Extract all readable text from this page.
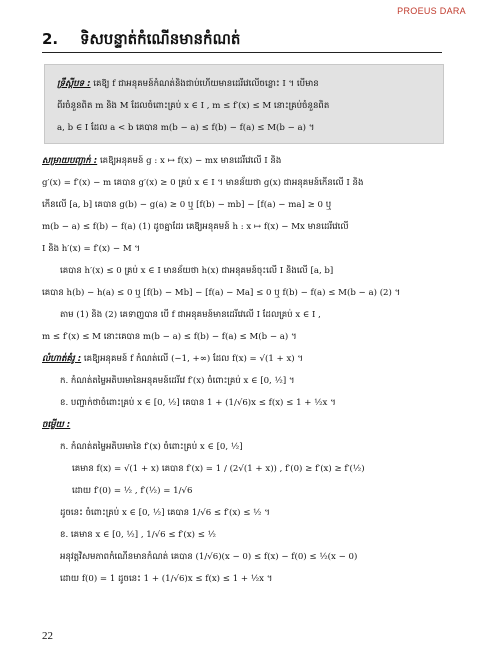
PROEUS DARA
2. ទិសបន្ទាត់កំណើនមានកំណត់
ទ្រឹស្តីបទ : គេឱ្យ f ជាអនុគមន៍កំណត់និងជាប់ហើយមានដេរីវេលើចន្លោះ I ។ បើមាន
ពីរចំនួនពិត m និង M ដែលចំពោះគ្រប់ x ∈ I , m ≤ f′(x) ≤ M នោះគ្រប់ចំនួនពិត
a, b ∈ I ដែល a < b គេបាន m(b − a) ≤ f(b) − f(a) ≤ M(b − a) ។
សម្រាយបញ្ជាក់ : គេឱ្យអនុគមន៍ g : x ↦ f(x) − mx មានដេរីវេលើ I និង
g′(x) = f′(x) − m គេបាន g′(x) ≥ 0 គ្រប់ x ∈ I ។ មានន័យថា g(x) ជាអនុគមន៍កើនលើ I និង
កើនលើ [a, b] គេបាន g(b) − g(a) ≥ 0 ឬ [f(b) − mb] − [f(a) − ma] ≥ 0 ឬ
m(b − a) ≤ f(b) − f(a) (1) ដូចគ្នាដែរ គេឱ្យអនុគមន៍ h : x ↦ f(x) − Mx មានដេរីវេលើ
I និង h′(x) = f′(x) − M ។
គេបាន h′(x) ≤ 0 គ្រប់ x ∈ I មានន័យថា h(x) ជាអនុគមន៍ចុះលើ I និងលើ [a, b]
គេបាន h(b) − h(a) ≤ 0 ឬ [f(b) − Mb] − [f(a) − Ma] ≤ 0 ឬ f(b) − f(a) ≤ M(b − a) (2) ។
តាម (1) និង (2) គេទាញបាន បើ f ជាអនុគមន៍មានដេរីវេលើ I ដែលគ្រប់ x ∈ I ,
m ≤ f′(x) ≤ M នោះគេបាន m(b − a) ≤ f(b) − f(a) ≤ M(b − a) ។
លំហាត់គំរូ : គេឱ្យអនុគមន៍ f កំណត់លើ (−1, +∞) ដែល f(x) = √(1 + x) ។
ក. កំណត់តម្លៃអតិបរមានៃអនុគមន៍ដេរីវេ f′(x) ចំពោះគ្រប់ x ∈ [0, ½] ។
ខ. បញ្ជាក់ថាចំពោះគ្រប់ x ∈ [0, ½] គេបាន 1 + (1/√6)x ≤ f(x) ≤ 1 + ½x ។
ចម្លើយ :
ក. កំណត់តម្លៃអតិបរមានៃ f′(x) ចំពោះគ្រប់ x ∈ [0, ½]
គេមាន f(x) = √(1 + x) គេបាន f′(x) = 1 / (2√(1 + x)) , f′(0) ≥ f′(x) ≥ f′(½)
ដោយ f′(0) = ½ , f′(½) = 1/√6
ដូចនេះ ចំពោះគ្រប់ x ∈ [0, ½] គេបាន 1/√6 ≤ f′(x) ≤ ½ ។
ខ. គេមាន x ∈ [0, ½] , 1/√6 ≤ f′(x) ≤ ½
អនុវត្តវិសមភាពកំណើនមានកំណត់ គេបាន (1/√6)(x − 0) ≤ f(x) − f(0) ≤ ½(x − 0)
ដោយ f(0) = 1 ដូចនេះ 1 + (1/√6)x ≤ f(x) ≤ 1 + ½x ។
22
